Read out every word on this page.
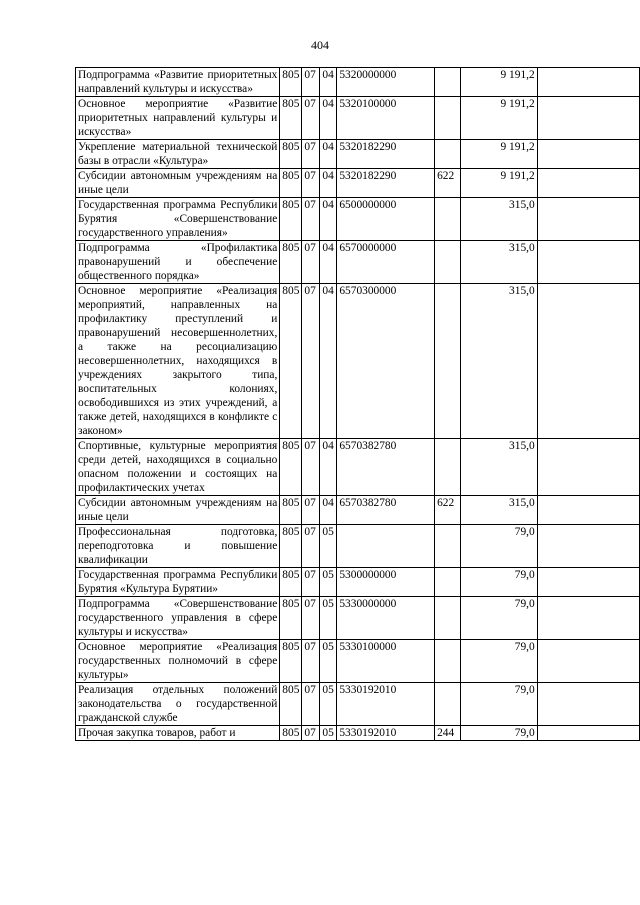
404
Подпрограмма «Развитие приоритетных направлений культуры и искусства»	805	07	04	5320000000		9 191,2	
Основное мероприятие «Развитие приоритетных направлений культуры и искусства»	805	07	04	5320100000		9 191,2	
Укрепление материальной технической базы в отрасли «Культура»	805	07	04	5320182290		9 191,2	
Субсидии автономным учреждениям на иные цели	805	07	04	5320182290	622	9 191,2	
Государственная программа Республики Бурятия «Совершенствование государственного управления»	805	07	04	6500000000		315,0	
Подпрограмма «Профилактика правонарушений и обеспечение общественного порядка»	805	07	04	6570000000		315,0	
Основное мероприятие «Реализация мероприятий, направленных на профилактику преступлений и правонарушений несовершеннолетних, а также на ресоциализацию несовершеннолетних, находящихся в учреждениях закрытого типа, воспитательных колониях, освободившихся из этих учреждений, а также детей, находящихся в конфликте с законом»	805	07	04	6570300000		315,0	
Спортивные, культурные мероприятия среди детей, находящихся в социально опасном положении и состоящих на профилактических учетах	805	07	04	6570382780		315,0	
Субсидии автономным учреждениям на иные цели	805	07	04	6570382780	622	315,0	
Профессиональная подготовка, переподготовка и повышение квалификации	805	07	05			79,0	
Государственная программа Республики Бурятия «Культура Бурятии»	805	07	05	5300000000		79,0	
Подпрограмма «Совершенствование государственного управления в сфере культуры и искусства»	805	07	05	5330000000		79,0	
Основное мероприятие «Реализация государственных полномочий в сфере культуры»	805	07	05	5330100000		79,0	
Реализация отдельных положений законодательства о государственной гражданской службе	805	07	05	5330192010		79,0	
Прочая закупка товаров, работ и	805	07	05	5330192010	244	79,0	
